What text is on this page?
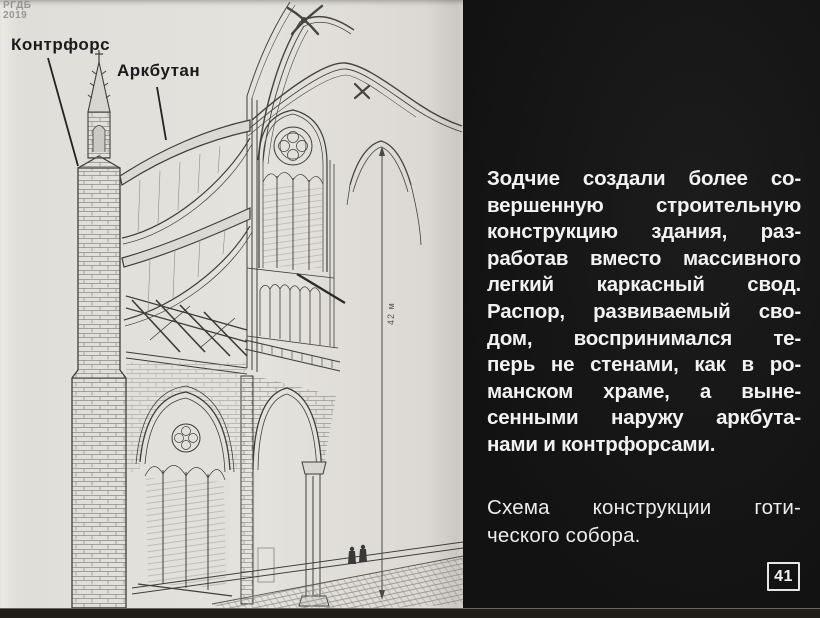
РГДБ
2019
Контрфорс
Аркбутан
42 м
Зодчие создали более со-
вершенную строительную
конструкцию здания, раз-
работав вместо массивного
легкий каркасный свод.
Распор, развиваемый сво-
дом, воспринимался те-
перь не стенами, как в ро-
манском храме, а выне-
сенными наружу аркбута-
нами и контрфорсами.
Схема конструкции готи-
ческого собора.
41
